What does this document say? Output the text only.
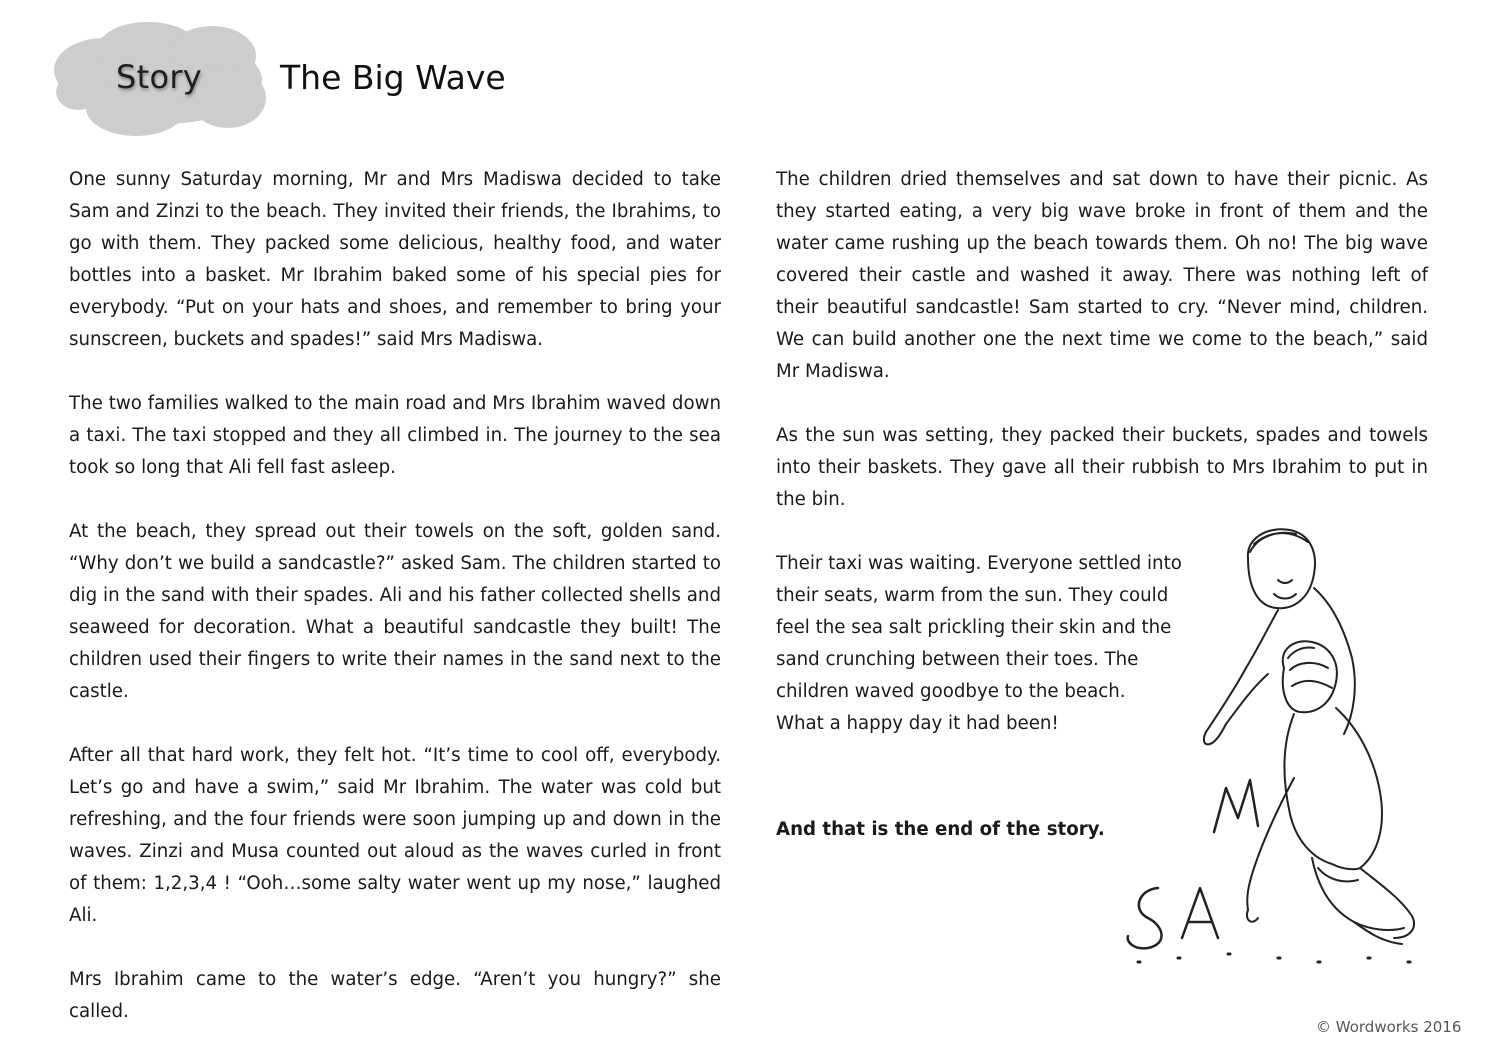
Story The Big Wave

One sunny Saturday morning, Mr and Mrs Madiswa decided to take Sam and Zinzi to the beach. They invited their friends, the Ibrahims, to go with them. They packed some delicious, healthy food, and water bottles into a basket. Mr Ibrahim baked some of his special pies for everybody. “Put on your hats and shoes, and remember to bring your sunscreen, buckets and spades!” said Mrs Madiswa.

The two families walked to the main road and Mrs Ibrahim waved down a taxi. The taxi stopped and they all climbed in. The journey to the sea took so long that Ali fell fast asleep.

At the beach, they spread out their towels on the soft, golden sand. “Why don’t we build a sandcastle?” asked Sam. The children started to dig in the sand with their spades. Ali and his father collected shells and seaweed for decoration. What a beautiful sandcastle they built! The children used their fingers to write their names in the sand next to the castle.

After all that hard work, they felt hot. “It’s time to cool off, everybody. Let’s go and have a swim,” said Mr Ibrahim. The water was cold but refreshing, and the four friends were soon jumping up and down in the waves. Zinzi and Musa counted out aloud as the waves curled in front of them: 1,2,3,4 ! “Ooh…some salty water went up my nose,” laughed Ali.

Mrs Ibrahim came to the water’s edge. “Aren’t you hungry?” she called.

The children dried themselves and sat down to have their picnic. As they started eating, a very big wave broke in front of them and the water came rushing up the beach towards them. Oh no! The big wave covered their castle and washed it away. There was nothing left of their beautiful sandcastle! Sam started to cry. “Never mind, children. We can build another one the next time we come to the beach,” said Mr Madiswa.

As the sun was setting, they packed their buckets, spades and towels into their baskets. They gave all their rubbish to Mrs Ibrahim to put in the bin.

Their taxi was waiting. Everyone settled into their seats, warm from the sun. They could feel the sea salt prickling their skin and the sand crunching between their toes. The children waved goodbye to the beach.
What a happy day it had been!

And that is the end of the story.

© Wordworks 2016
